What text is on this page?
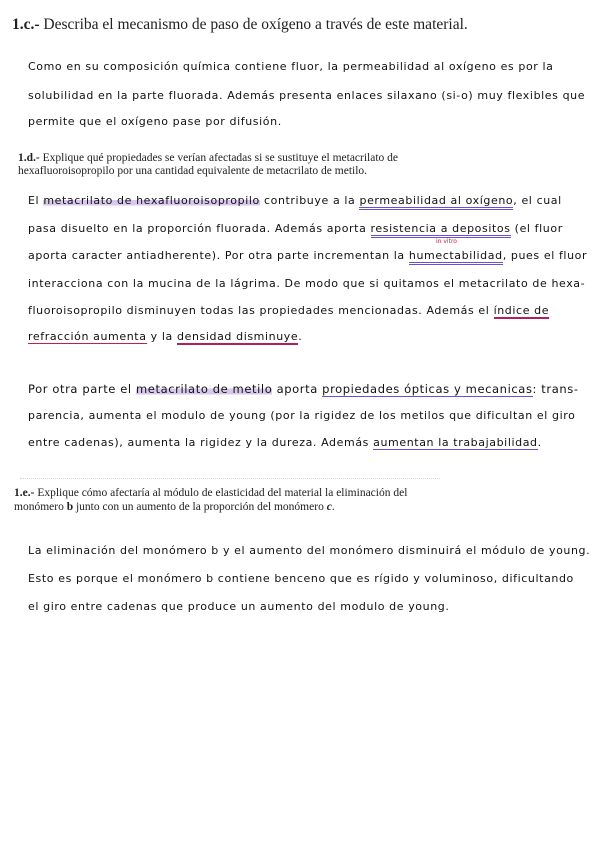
1.c.- Describa el mecanismo de paso de oxígeno a través de este material.
Como en su composición química contiene fluor, la permeabilidad al oxígeno es por la
solubilidad en la parte fluorada. Además presenta enlaces silaxano (si-o) muy flexibles que
permite que el oxígeno pase por difusión.
1.d.- Explique qué propiedades se verían afectadas si se sustituye el metacrilato de
hexafluoroisopropilo por una cantidad equivalente de metacrilato de metilo.
El metacrilato de hexafluoroisopropilo contribuye a la permeabilidad al oxígeno, el cual
pasa disuelto en la proporción fluorada. Además aporta resistencia a depositos (el fluor
in vitro
aporta caracter antiadherente). Por otra parte incrementan la humectabilidad, pues el fluor
interacciona con la mucina de la lágrima. De modo que si quitamos el metacrilato de hexa-
fluoroisopropilo disminuyen todas las propiedades mencionadas. Además el índice de
refracción aumenta y la densidad disminuye.
Por otra parte el metacrilato de metilo aporta propiedades ópticas y mecanicas: trans-
parencia, aumenta el modulo de young (por la rigidez de los metilos que dificultan el giro
entre cadenas), aumenta la rigidez y la dureza. Además aumentan la trabajabilidad.
1.e.- Explique cómo afectaría al módulo de elasticidad del material la eliminación del
monómero b junto con un aumento de la proporción del monómero c.
La eliminación del monómero b y el aumento del monómero disminuirá el módulo de young.
Esto es porque el monómero b contiene benceno que es rígido y voluminoso, dificultando
el giro entre cadenas que produce un aumento del modulo de young.
